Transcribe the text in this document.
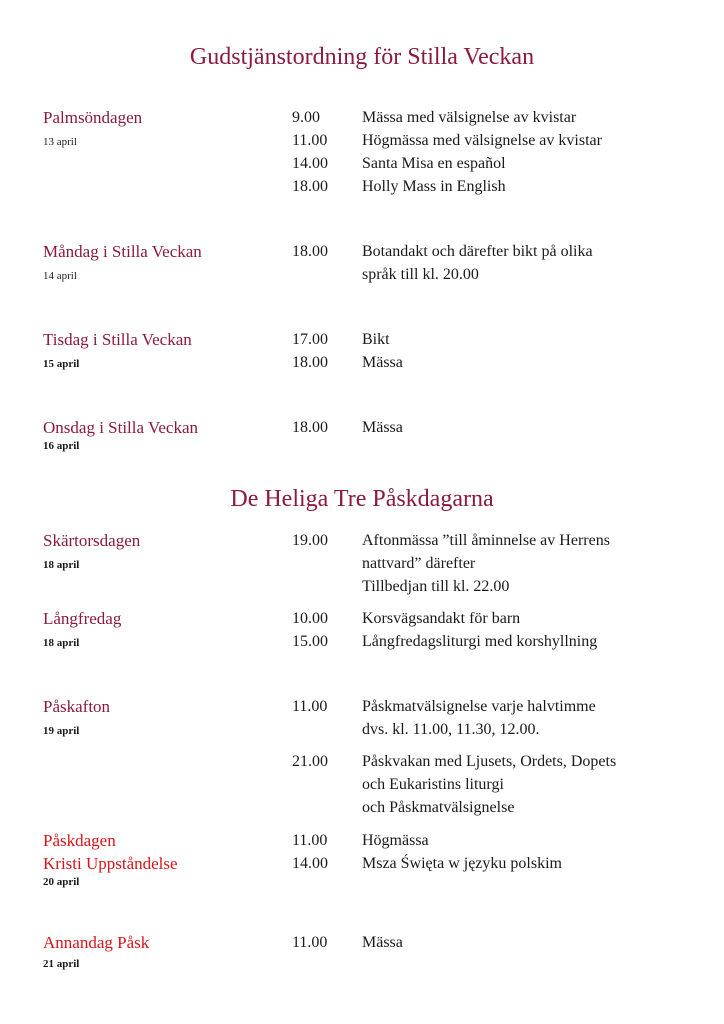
Gudstjänstordning för Stilla Veckan
Palmsöndagen
13 april
9.00	Mässa med välsignelse av kvistar
11.00 Högmässa med välsignelse av kvistar
14.00 Santa Misa en español
18.00 Holly Mass in English
Måndag i Stilla Veckan
14 april
18.00 Botandakt och därefter bikt på olika
språk till kl. 20.00
Tisdag i Stilla Veckan
15 april
17.00 Bikt
18.00 Mässa
Onsdag i Stilla Veckan
16 april
18.00 Mässa
De Heliga Tre Påskdagarna
Skärtorsdagen
18 april
19.00 Aftonmässa ”till åminnelse av Herrens
nattvard” därefter
Tillbedjan till kl. 22.00
Långfredag
18 april
10.00 Korsvägsandakt för barn
15.00 Långfredagsliturgi med korshyllning
Påskafton
19 april
11.00 Påskmatvälsignelse varje halvtimme
dvs. kl. 11.00, 11.30, 12.00.
21.00 Påskvakan med Ljusets, Ordets, Dopets
och Eukaristins liturgi
och Påskmatvälsignelse
Påskdagen
Kristi Uppståndelse
20 april
11.00 Högmässa
14.00 Msza Święta w języku polskim
Annandag Påsk
21 april
11.00 Mässa
